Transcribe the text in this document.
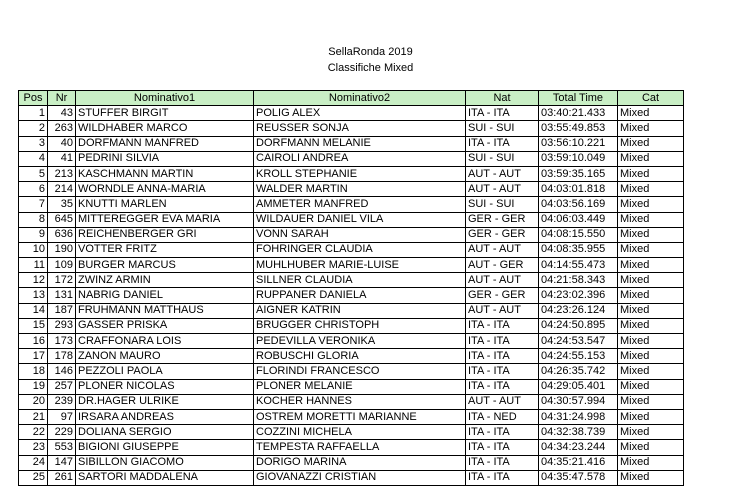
SellaRonda 2019
Classifiche Mixed
Pos	Nr	Nominativo1	Nominativo2	Nat	Total Time	Cat
1	43	STUFFER BIRGIT	POLIG ALEX	ITA - ITA	03:40:21.433	Mixed
2	263	WILDHABER MARCO	REUSSER SONJA	SUI - SUI	03:55:49.853	Mixed
3	40	DORFMANN MANFRED	DORFMANN MELANIE	ITA - ITA	03:56:10.221	Mixed
4	41	PEDRINI SILVIA	CAIROLI ANDREA	SUI - SUI	03:59:10.049	Mixed
5	213	KASCHMANN MARTIN	KROLL STEPHANIE	AUT - AUT	03:59:35.165	Mixed
6	214	WORNDLE ANNA-MARIA	WALDER MARTIN	AUT - AUT	04:03:01.818	Mixed
7	35	KNUTTI MARLEN	AMMETER MANFRED	SUI - SUI	04:03:56.169	Mixed
8	645	MITTEREGGER EVA MARIA	WILDAUER DANIEL VILA	GER - GER	04:06:03.449	Mixed
9	636	REICHENBERGER GRI	VONN SARAH	GER - GER	04:08:15.550	Mixed
10	190	VOTTER FRITZ	FOHRINGER CLAUDIA	AUT - AUT	04:08:35.955	Mixed
11	109	BURGER MARCUS	MUHLHUBER MARIE-LUISE	AUT - GER	04:14:55.473	Mixed
12	172	ZWINZ ARMIN	SILLNER CLAUDIA	AUT - AUT	04:21:58.343	Mixed
13	131	NABRIG DANIEL	RUPPANER DANIELA	GER - GER	04:23:02.396	Mixed
14	187	FRUHMANN MATTHAUS	AIGNER KATRIN	AUT - AUT	04:23:26.124	Mixed
15	293	GASSER PRISKA	BRUGGER CHRISTOPH	ITA - ITA	04:24:50.895	Mixed
16	173	CRAFFONARA LOIS	PEDEVILLA VERONIKA	ITA - ITA	04:24:53.547	Mixed
17	178	ZANON MAURO	ROBUSCHI GLORIA	ITA - ITA	04:24:55.153	Mixed
18	146	PEZZOLI PAOLA	FLORINDI FRANCESCO	ITA - ITA	04:26:35.742	Mixed
19	257	PLONER NICOLAS	PLONER MELANIE	ITA - ITA	04:29:05.401	Mixed
20	239	DR.HAGER ULRIKE	KOCHER HANNES	AUT - AUT	04:30:57.994	Mixed
21	97	IRSARA ANDREAS	OSTREM MORETTI MARIANNE	ITA - NED	04:31:24.998	Mixed
22	229	DOLIANA SERGIO	COZZINI MICHELA	ITA - ITA	04:32:38.739	Mixed
23	553	BIGIONI GIUSEPPE	TEMPESTA RAFFAELLA	ITA - ITA	04:34:23.244	Mixed
24	147	SIBILLON GIACOMO	DORIGO MARINA	ITA - ITA	04:35:21.416	Mixed
25	261	SARTORI MADDALENA	GIOVANAZZI CRISTIAN	ITA - ITA	04:35:47.578	Mixed
